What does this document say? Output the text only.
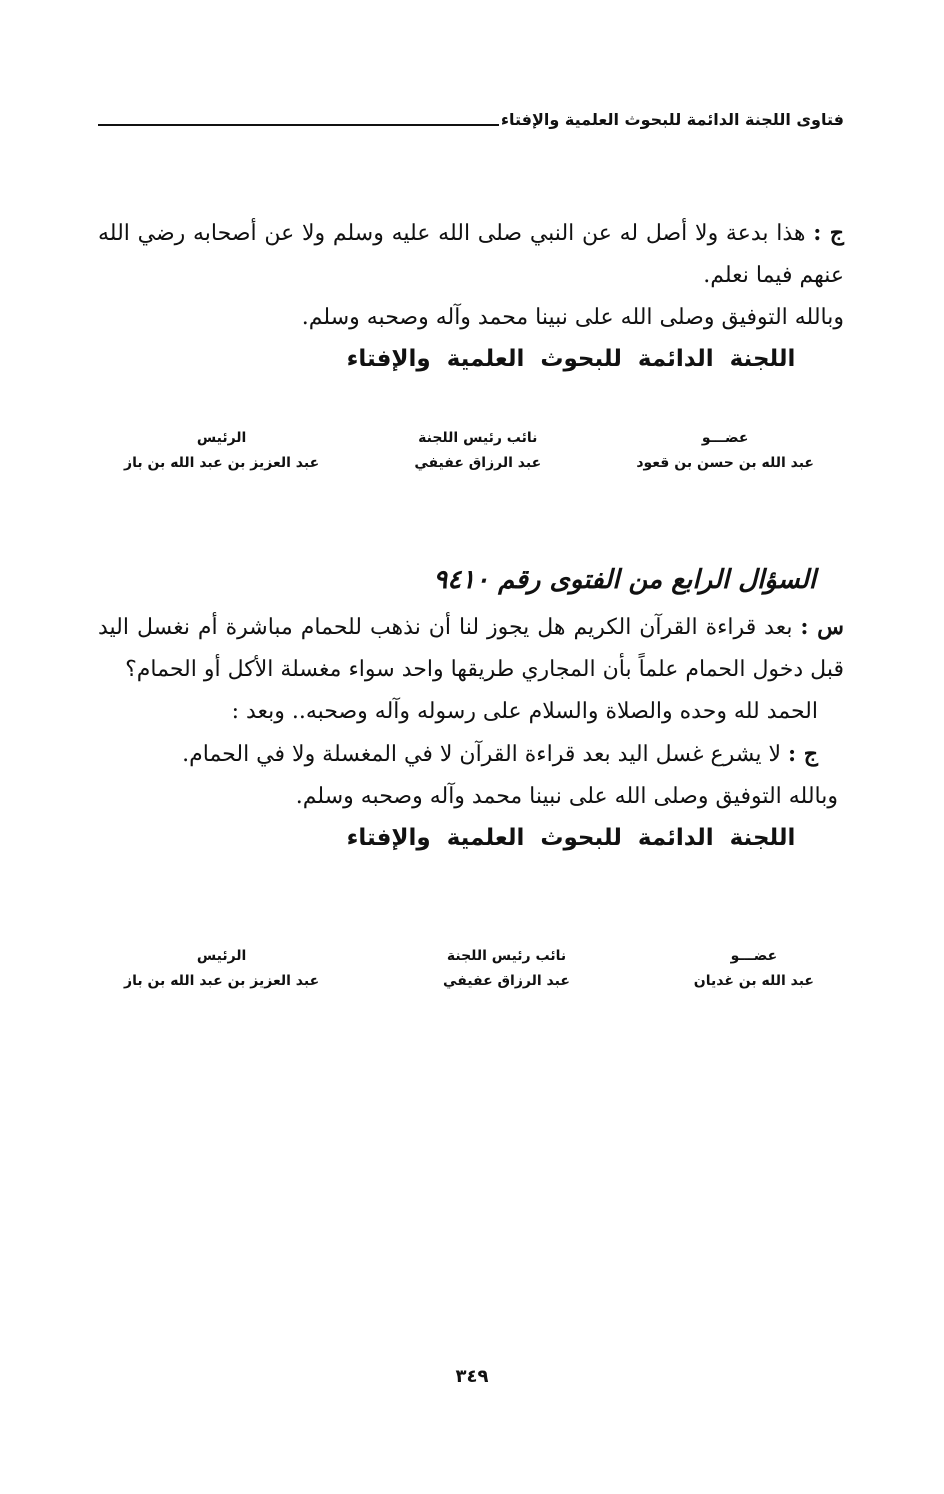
فتاوى اللجنة الدائمة للبحوث العلمية والإفتاء

ج : هذا بدعة ولا أصل له عن النبي صلى الله عليه وسلم ولا عن أصحابه رضي الله عنهم فيما نعلم.

وبالله التوفيق وصلى الله على نبينا محمد وآله وصحبه وسلم.

اللجنة الدائمة للبحوث العلمية والإفتاء

عضـــو
عبد الله بن حسن بن قعود
نائب رئيس اللجنة
عبد الرزاق عفيفي
الرئيس
عبد العزيز بن عبد الله بن باز
السؤال الرابع من الفتوى رقم ٩٤١٠

س : بعد قراءة القرآن الكريم هل يجوز لنا أن نذهب للحمام مباشرة أم نغسل اليد قبل دخول الحمام علماً بأن المجاري طريقها واحد سواء مغسلة الأكل أو الحمام؟

الحمد لله وحده والصلاة والسلام على رسوله وآله وصحبه.. وبعد :

ج : لا يشرع غسل اليد بعد قراءة القرآن لا في المغسلة ولا في الحمام.

وبالله التوفيق وصلى الله على نبينا محمد وآله وصحبه وسلم.

اللجنة الدائمة للبحوث العلمية والإفتاء

عضـــو
عبد الله بن غديان
نائب رئيس اللجنة
عبد الرزاق عفيفي
الرئيس
عبد العزيز بن عبد الله بن باز
٣٤٩
